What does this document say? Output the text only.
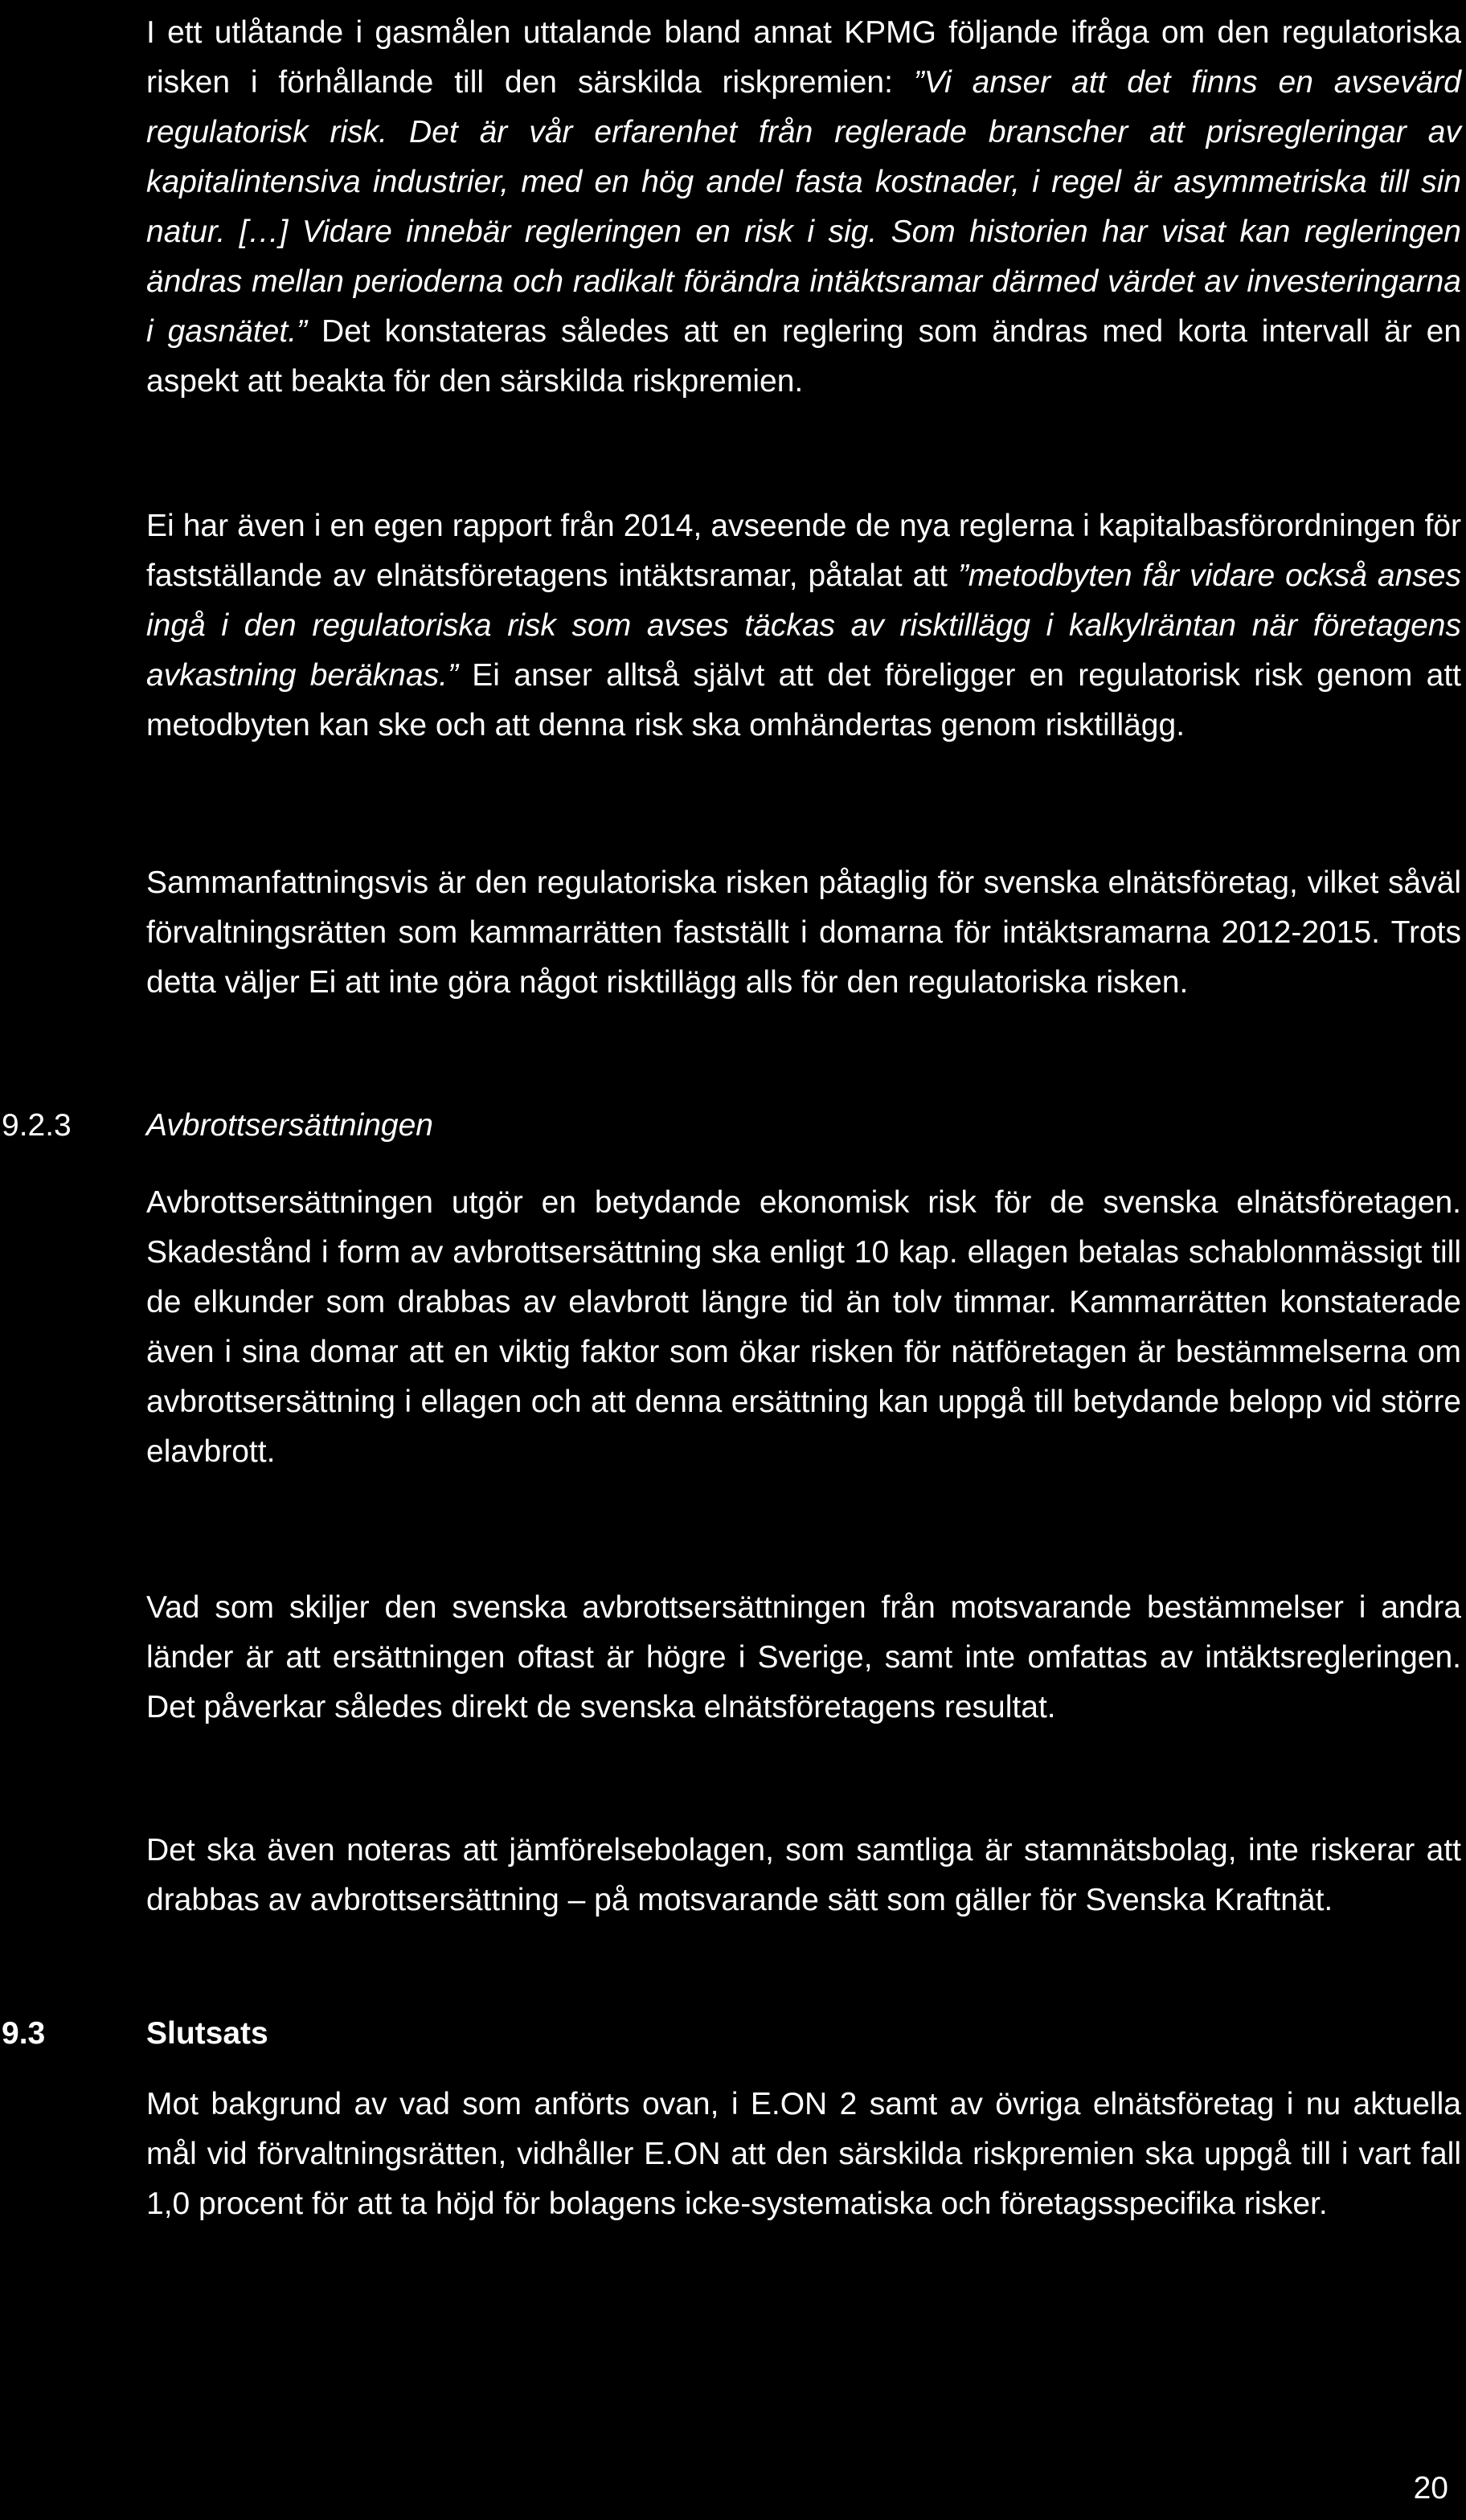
I ett utlåtande i gasmålen uttalande bland annat KPMG följande ifråga om den regulatoriska risken i förhållande till den särskilda riskpremien: ”Vi anser att det finns en avsevärd regulatorisk risk. Det är vår erfarenhet från reglerade branscher att prisregleringar av kapitalintensiva industrier, med en hög andel fasta kostnader, i regel är asymmetriska till sin natur. […] Vidare innebär regleringen en risk i sig. Som historien har visat kan regleringen ändras mellan perioderna och radikalt förändra intäktsramar därmed värdet av investeringarna i gasnätet.” Det konstateras således att en reglering som ändras med korta intervall är en aspekt att beakta för den särskilda riskpremien.

Ei har även i en egen rapport från 2014, avseende de nya reglerna i kapitalbasförordningen för fastställande av elnätsföretagens intäktsramar, påtalat att ”metodbyten får vidare också anses ingå i den regulatoriska risk som avses täckas av risktillägg i kalkylräntan när företagens avkastning beräknas.” Ei anser alltså självt att det föreligger en regulatorisk risk genom att metodbyten kan ske och att denna risk ska omhändertas genom risktillägg.

Sammanfattningsvis är den regulatoriska risken påtaglig för svenska elnätsföretag, vilket såväl förvaltningsrätten som kammarrätten fastställt i domarna för intäktsramarna 2012-2015. Trots detta väljer Ei att inte göra något risktillägg alls för den regulatoriska risken.

9.2.3 Avbrottsersättningen

Avbrottsersättningen utgör en betydande ekonomisk risk för de svenska elnätsföretagen. Skadestånd i form av avbrottsersättning ska enligt 10 kap. ellagen betalas schablonmässigt till de elkunder som drabbas av elavbrott längre tid än tolv timmar. Kammarrätten konstaterade även i sina domar att en viktig faktor som ökar risken för nätföretagen är bestämmelserna om avbrottsersättning i ellagen och att denna ersättning kan uppgå till betydande belopp vid större elavbrott.

Vad som skiljer den svenska avbrottsersättningen från motsvarande bestämmelser i andra länder är att ersättningen oftast är högre i Sverige, samt inte omfattas av intäktsregleringen. Det påverkar således direkt de svenska elnätsföretagens resultat.

Det ska även noteras att jämförelsebolagen, som samtliga är stamnätsbolag, inte riskerar att drabbas av avbrottsersättning – på motsvarande sätt som gäller för Svenska Kraftnät.

9.3	Slutsats

Mot bakgrund av vad som anförts ovan, i E.ON 2 samt av övriga elnätsföretag i nu aktuella mål vid förvaltningsrätten, vidhåller E.ON att den särskilda riskpremien ska uppgå till i vart fall 1,0 procent för att ta höjd för bolagens icke-systematiska och företagsspecifika risker.

20
